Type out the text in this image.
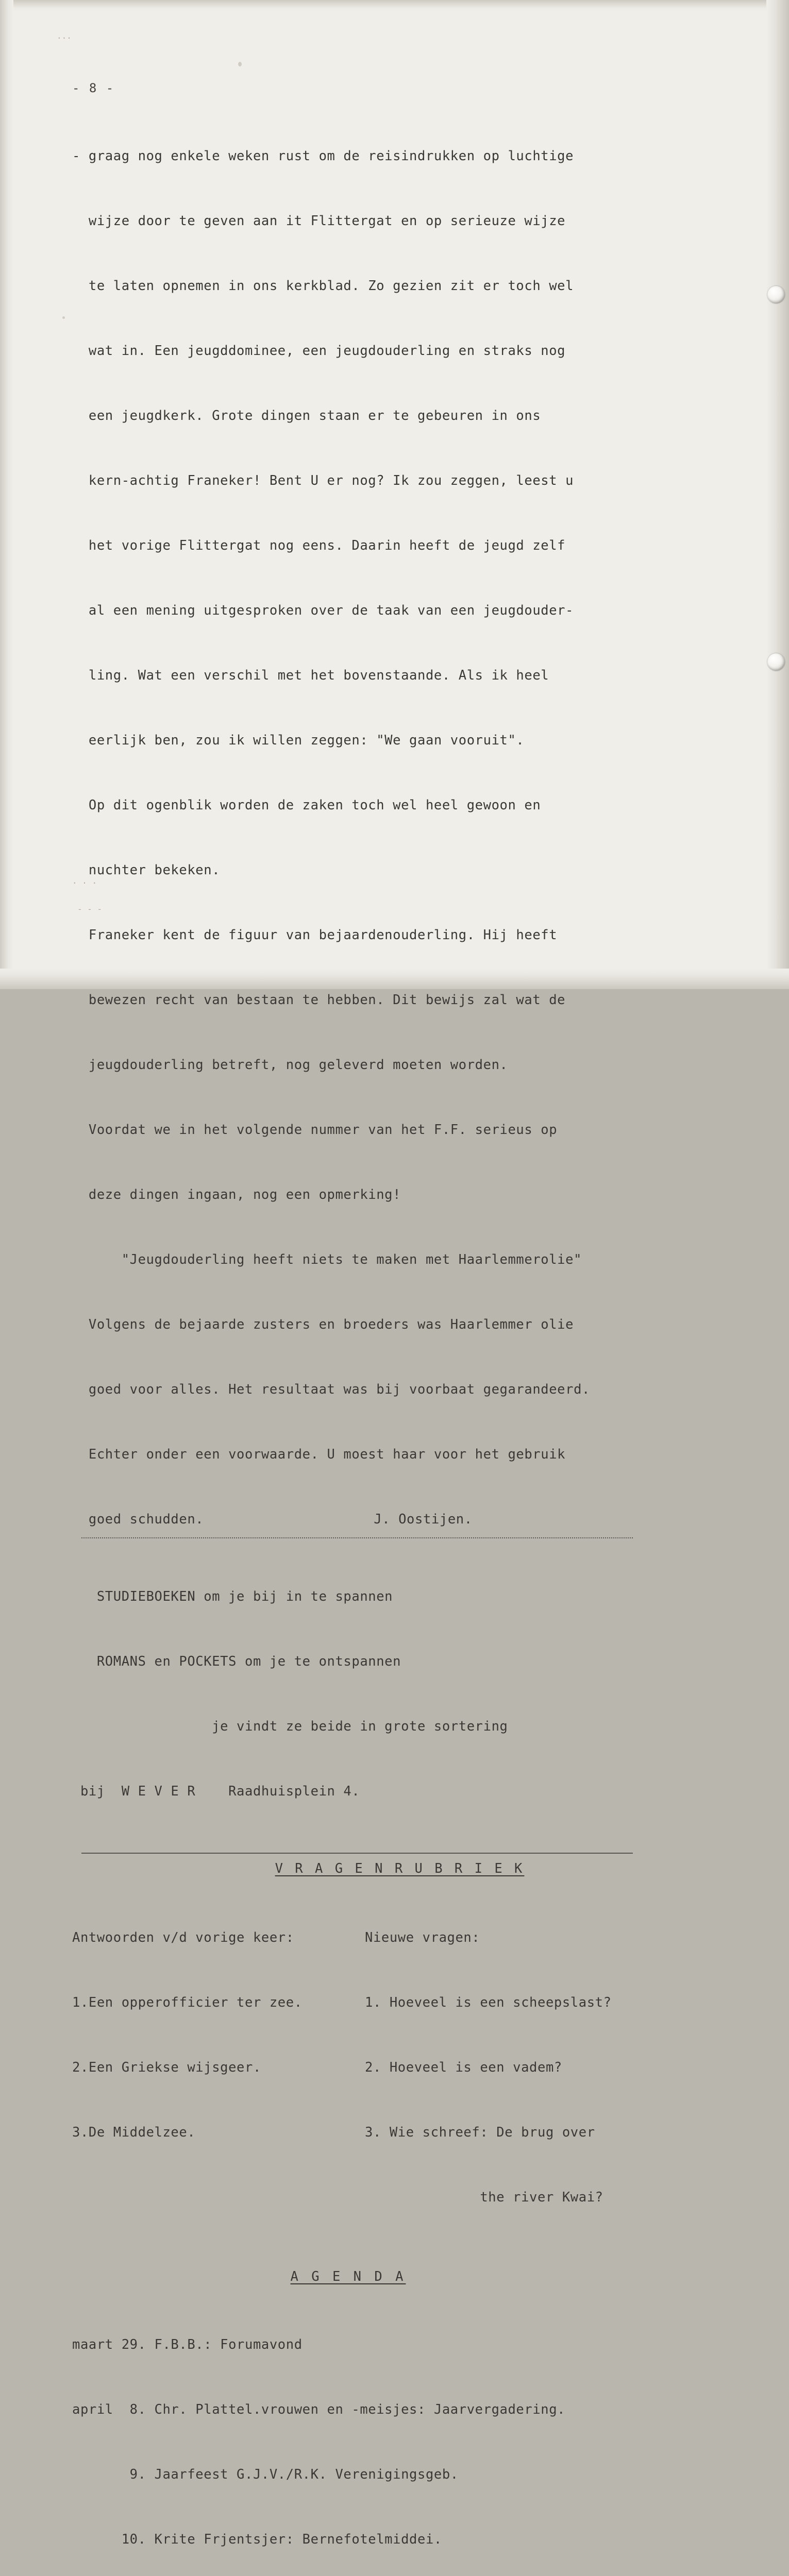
...
. . .
- - -
- 8 -

- graag nog enkele weken rust om de reisindrukken op luchtige

wijze door te geven aan it Flittergat en op serieuze wijze

te laten opnemen in ons kerkblad. Zo gezien zit er toch wel

wat in. Een jeugddominee, een jeugdouderling en straks nog

een jeugdkerk. Grote dingen staan er te gebeuren in ons

kern-achtig Franeker! Bent U er nog? Ik zou zeggen, leest u

het vorige Flittergat nog eens. Daarin heeft de jeugd zelf

al een mening uitgesproken over de taak van een jeugdouder-

ling. Wat een verschil met het bovenstaande. Als ik heel

eerlijk ben, zou ik willen zeggen: "We gaan vooruit".

Op dit ogenblik worden de zaken toch wel heel gewoon en

nuchter bekeken.

Franeker kent de figuur van bejaardenouderling. Hij heeft

bewezen recht van bestaan te hebben. Dit bewijs zal wat de

jeugdouderling betreft, nog geleverd moeten worden.

Voordat we in het volgende nummer van het F.F. serieus op

deze dingen ingaan, nog een opmerking!

"Jeugdouderling heeft niets te maken met Haarlemmerolie"

Volgens de bejaarde zusters en broeders was Haarlemmer olie

goed voor alles. Het resultaat was bij voorbaat gegarandeerd.

Echter onder een voorwaarde. U moest haar voor het gebruik

goed schudden.	J. Oostijen.

STUDIEBOEKEN om je bij in te spannen

ROMANS en POCKETS om je te ontspannen

je vindt ze beide in grote sortering

bij  W E V E R    Raadhuisplein 4.

V R A G E N R U B R I E K

Antwoorden v/d vorige keer:

1.Een opperofficier ter zee.

2.Een Griekse wijsgeer.

3.De Middelzee.

Nieuwe vragen:

1. Hoeveel is een scheepslast?

2. Hoeveel is een vadem?

3. Wie schreef: De brug over

the river Kwai?

A G E N D A

maart 29. F.B.B.: Forumavond

april  8. Chr. Plattel.vrouwen en -meisjes: Jaarvergadering.

9. Jaarfeest G.J.V./R.K. Verenigingsgeb.

10. Krite Frjentsjer: Bernefotelmiddei.
